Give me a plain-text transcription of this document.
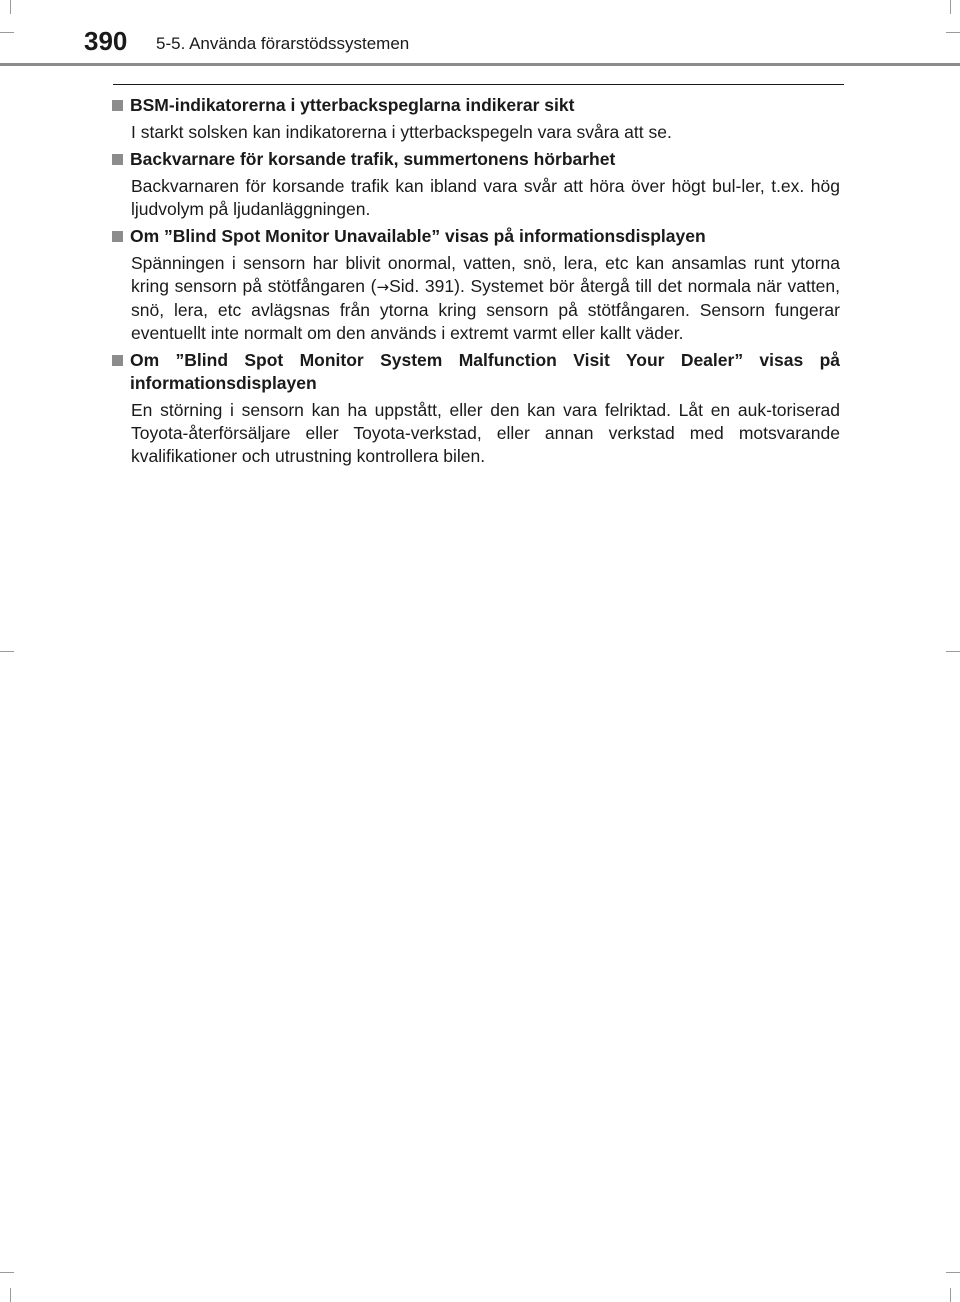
390 5-5. Använda förarstödssystemen
BSM-indikatorerna i ytterbackspeglarna indikerar sikt
I starkt solsken kan indikatorerna i ytterbackspegeln vara svåra att se.
Backvarnare för korsande trafik, summertonens hörbarhet
Backvarnaren för korsande trafik kan ibland vara svår att höra över högt bul-ler, t.ex. hög ljudvolym på ljudanläggningen.
Om ”Blind Spot Monitor Unavailable” visas på informationsdisplayen
Spänningen i sensorn har blivit onormal, vatten, snö, lera, etc kan ansamlas runt ytorna kring sensorn på stötfångaren (→Sid. 391). Systemet bör återgå till det normala när vatten, snö, lera, etc avlägsnas från ytorna kring sensorn på stötfångaren. Sensorn fungerar eventuellt inte normalt om den används i extremt varmt eller kallt väder.
Om ”Blind Spot Monitor System Malfunction Visit Your Dealer” visas på informationsdisplayen
En störning i sensorn kan ha uppstått, eller den kan vara felriktad. Låt en auk-toriserad Toyota-återförsäljare eller Toyota-verkstad, eller annan verkstad med motsvarande kvalifikationer och utrustning kontrollera bilen.
